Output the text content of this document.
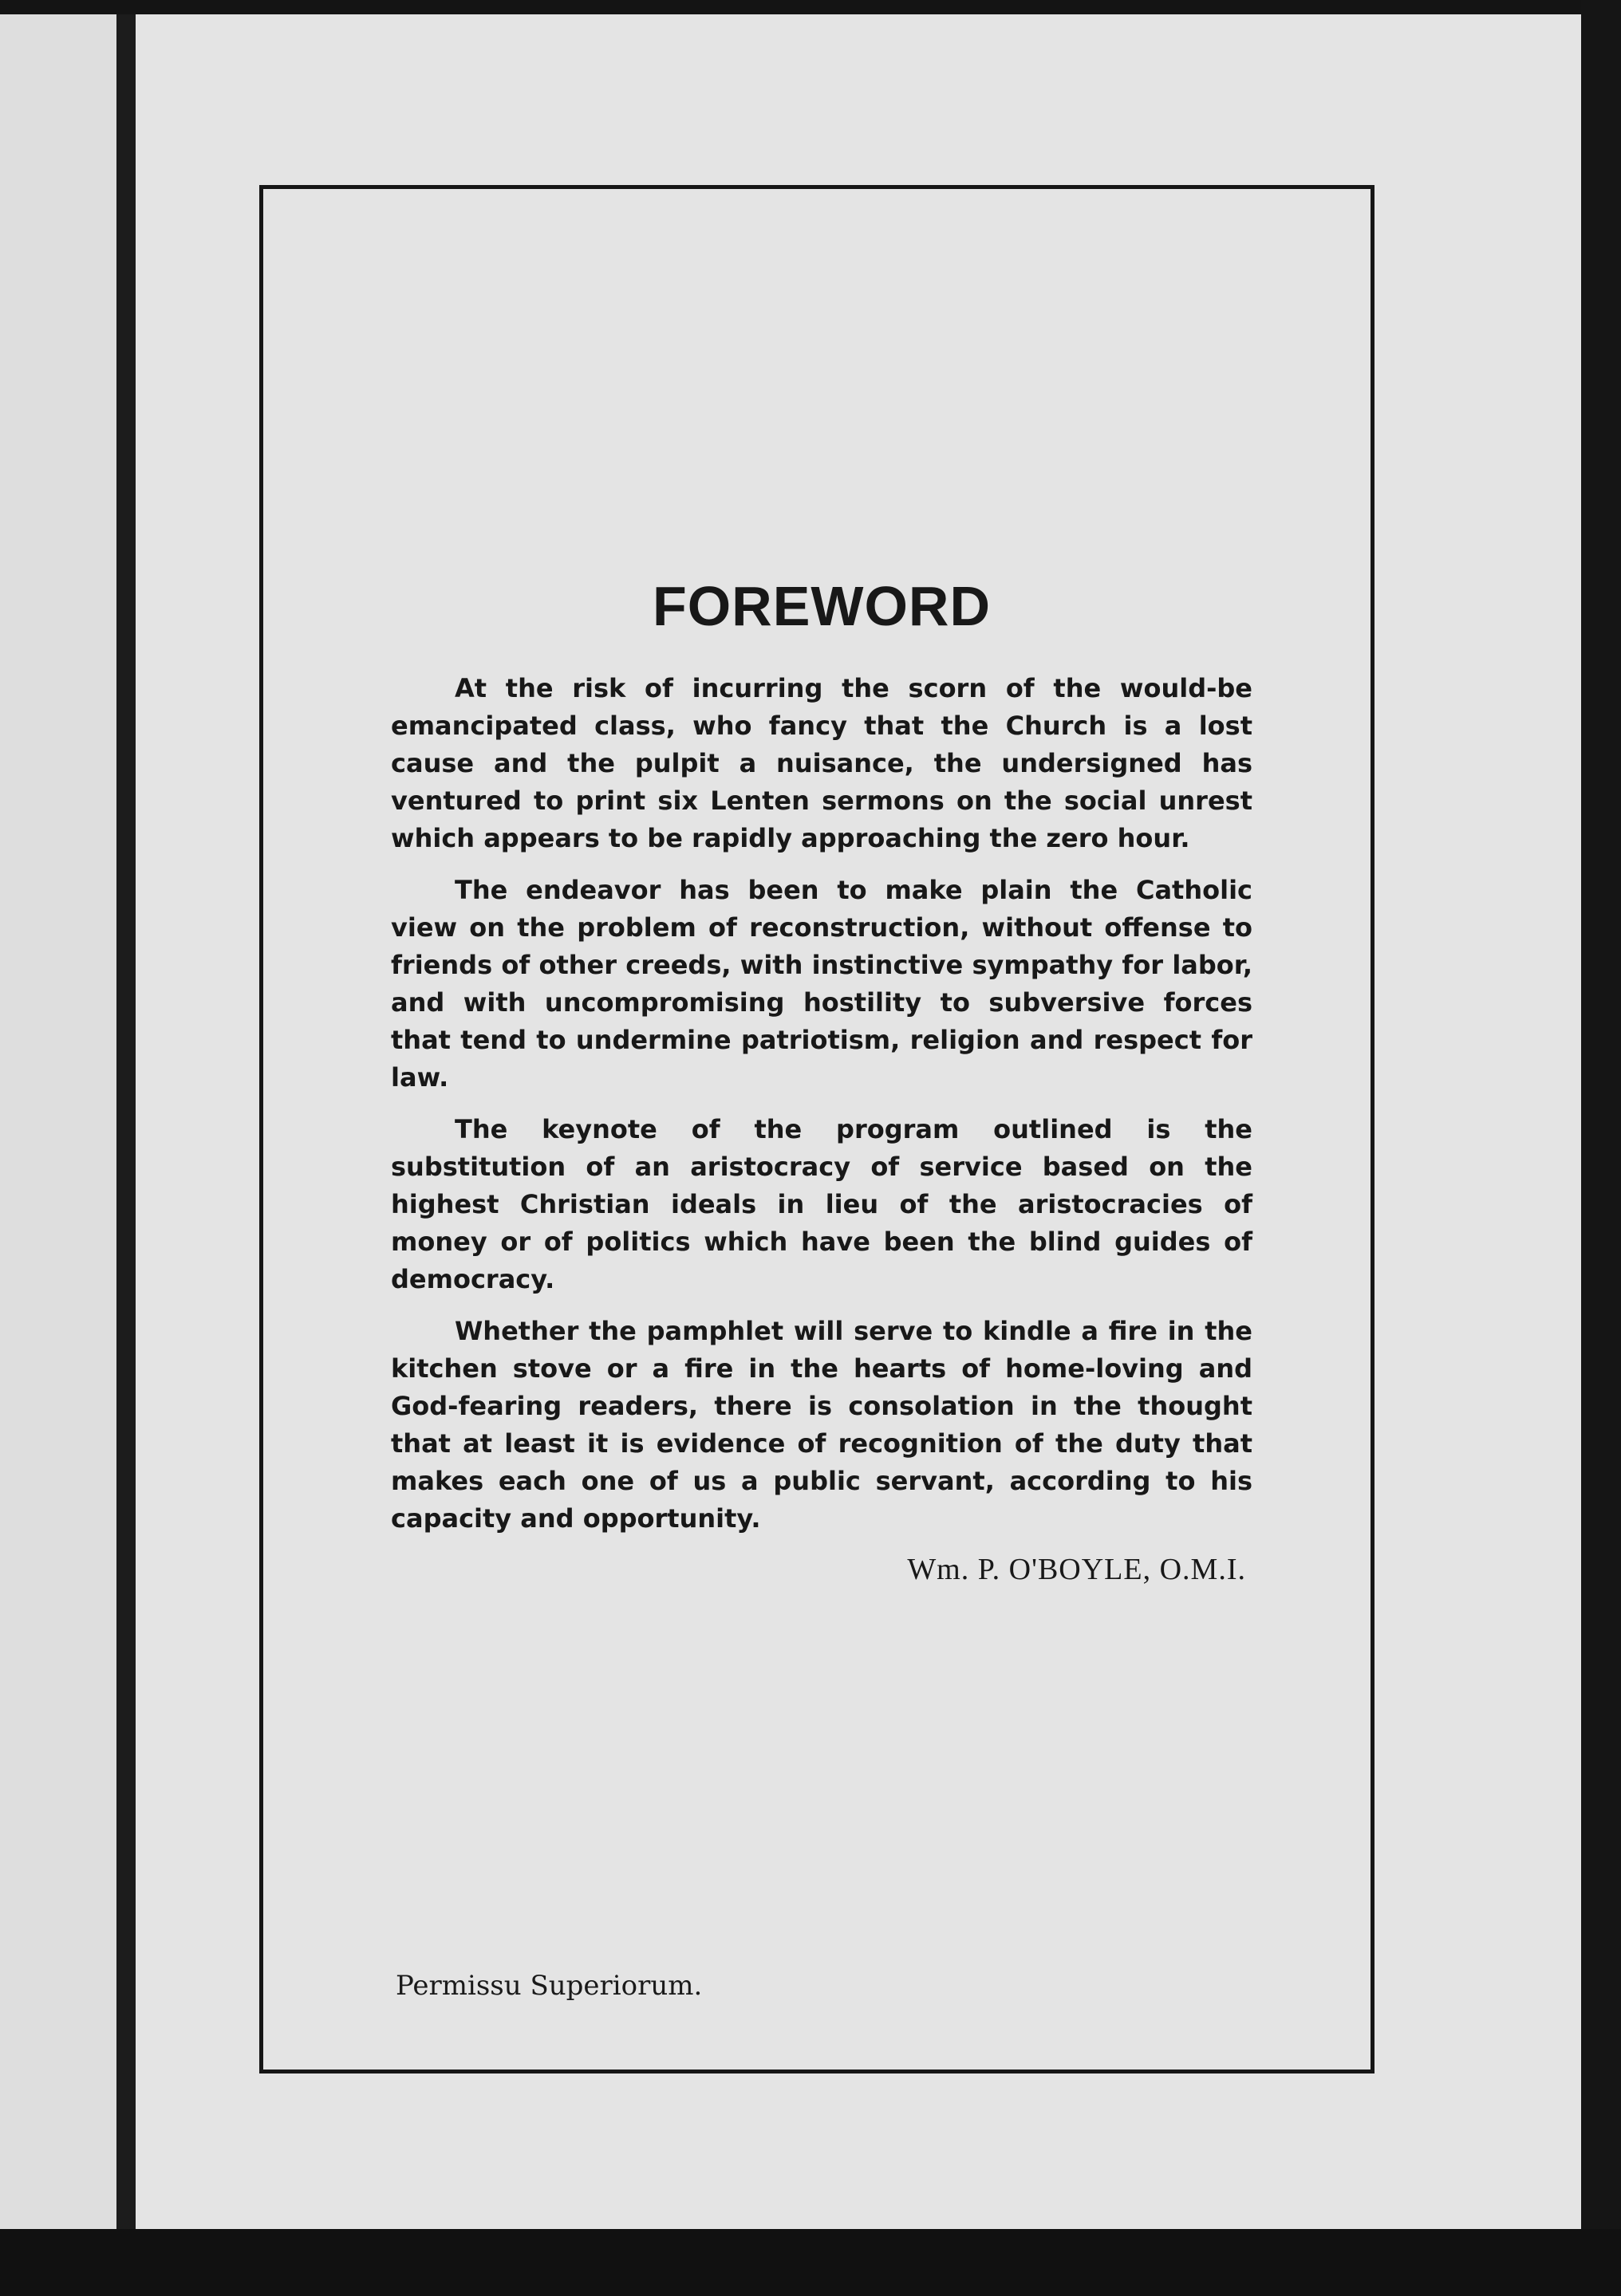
FOREWORD

At the risk of incurring the scorn of the would-be emancipated class, who fancy that the Church is a lost cause and the pulpit a nuisance, the undersigned has ventured to print six Lenten sermons on the social unrest which appears to be rapidly approaching the zero hour.

The endeavor has been to make plain the Catholic view on the problem of reconstruction, without offense to friends of other creeds, with instinctive sympathy for labor, and with uncompromising hostility to subversive forces that tend to undermine patriotism, religion and respect for law.

The keynote of the program outlined is the substitution of an aristocracy of service based on the highest Christian ideals in lieu of the aristocracies of money or of politics which have been the blind guides of democracy.

Whether the pamphlet will serve to kindle a fire in the kitchen stove or a fire in the hearts of home-loving and God-fearing readers, there is consolation in the thought that at least it is evidence of recognition of the duty that makes each one of us a public servant, according to his capacity and opportunity.

Wm. P. O'BOYLE, O.M.I.
Permissu Superiorum.
